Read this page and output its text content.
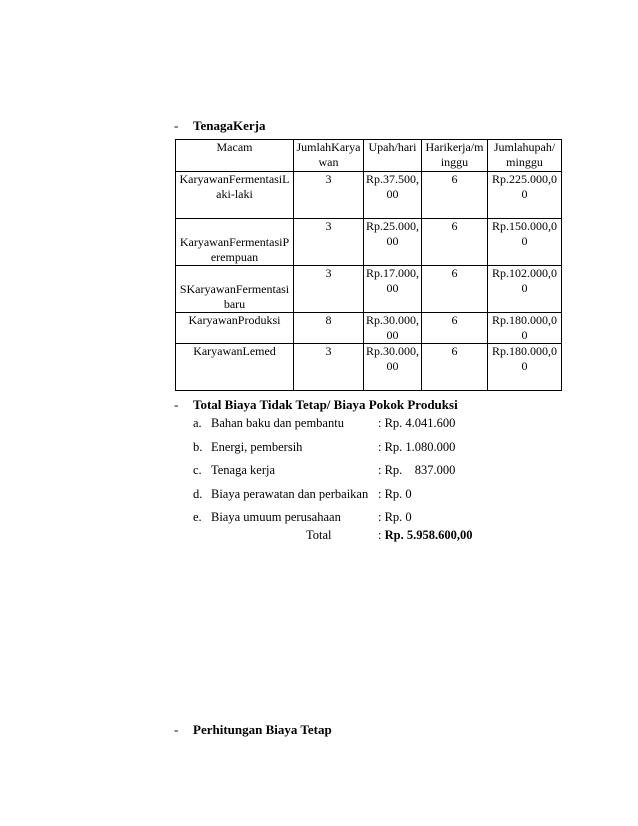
- TenagaKerja
Macam	JumlahKaryawan	Upah/hari	Harikerja/minggu	Jumlahupah/minggu
KaryawanFermentasiLaki-laki	3	Rp.37.500,00	6	Rp.225.000,00
KaryawanFermentasiPerempuan	3	Rp.25.000,00	6	Rp.150.000,00
SKaryawanFermentasibaru	3	Rp.17.000,00	6	Rp.102.000,00
KaryawanProduksi	8	Rp.30.000,00	6	Rp.180.000,00
KaryawanLemed	3	Rp.30.000,00	6	Rp.180.000,00
- Total Biaya Tidak Tetap/ Biaya Pokok Produksi
a. Bahan baku dan pembantu	: Rp. 4.041.600
b. Energi, pembersih	: Rp. 1.080.000
c. Tenaga kerja	: Rp.    837.000
d. Biaya perawatan dan perbaikan : Rp. 0
e. Biaya umuum perusahaan	: Rp. 0
Total	: Rp. 5.958.600,00
- Perhitungan Biaya Tetap
